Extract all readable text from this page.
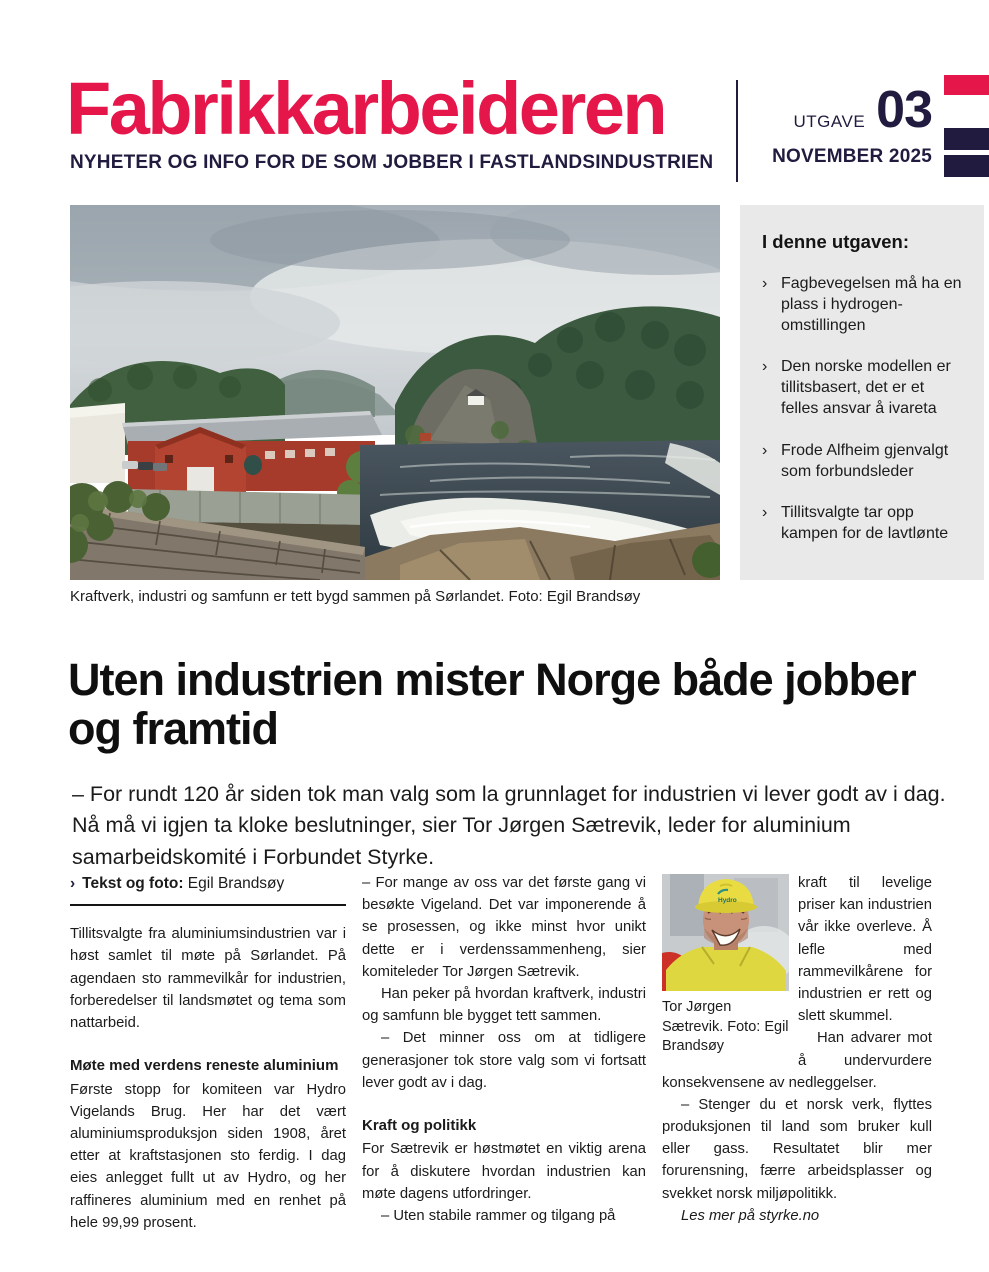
Fabrikkarbeideren
NYHETER OG INFO FOR DE SOM JOBBER I FASTLANDSINDUSTRIEN
UTGAVE 03
NOVEMBER 2025
Kraftverk, industri og samfunn er tett bygd sammen på Sørlandet. Foto: Egil Brandsøy
I denne utgaven:
› Fagbevegelsen må ha en plass i hydrogen-omstillingen
› Den norske modellen er tillitsbasert, det er et felles ansvar å ivareta
› Frode Alfheim gjenvalgt som forbundsleder
› Tillitsvalgte tar opp kampen for de lavtlønte
Uten industrien mister Norge både jobber og framtid

– For rundt 120 år siden tok man valg som la grunnlaget for industrien vi lever godt av i dag. Nå må vi igjen ta kloke beslutninger, sier Tor Jørgen Sætrevik, leder for aluminium samarbeidskomité i Forbundet Styrke.

› Tekst og foto: Egil Brandsøy

Tillitsvalgte fra aluminiumsindustrien var i høst samlet til møte på Sørlandet. På agendaen sto rammevilkår for industrien, forberedelser til landsmøtet og tema som nattarbeid.

Møte med verdens reneste aluminium

Første stopp for komiteen var Hydro Vigelands Brug. Her har det vært aluminiumsproduksjon siden 1908, året etter at kraftstasjonen sto ferdig. I dag eies anlegget fullt ut av Hydro, og her raffineres aluminium med en renhet på hele 99,99 prosent.

– For mange av oss var det første gang vi besøkte Vigeland. Det var imponerende å se prosessen, og ikke minst hvor unikt dette er i verdenssammenheng, sier komiteleder Tor Jørgen Sætrevik.

Han peker på hvordan kraftverk, industri og samfunn ble bygget tett sammen.

– Det minner oss om at tidligere generasjoner tok store valg som vi fortsatt lever godt av i dag.

Kraft og politikk

For Sætrevik er høstmøtet en viktig arena for å diskutere hvordan industrien kan møte dagens utfordringer.

– Uten stabile rammer og tilgang på

Hydro
Tor Jørgen Sætrevik. Foto: Egil Brandsøy

kraft til levelige priser kan industrien vår ikke overleve. Å lefle med rammevilkårene for industrien er rett og slett skummel.

Han advarer mot å undervurdere konsekvensene av nedleggelser.

– Stenger du et norsk verk, flyttes produksjonen til land som bruker kull eller gass. Resultatet blir mer forurensning, færre arbeidsplasser og svekket norsk miljøpolitikk.

Les mer på styrke.no
